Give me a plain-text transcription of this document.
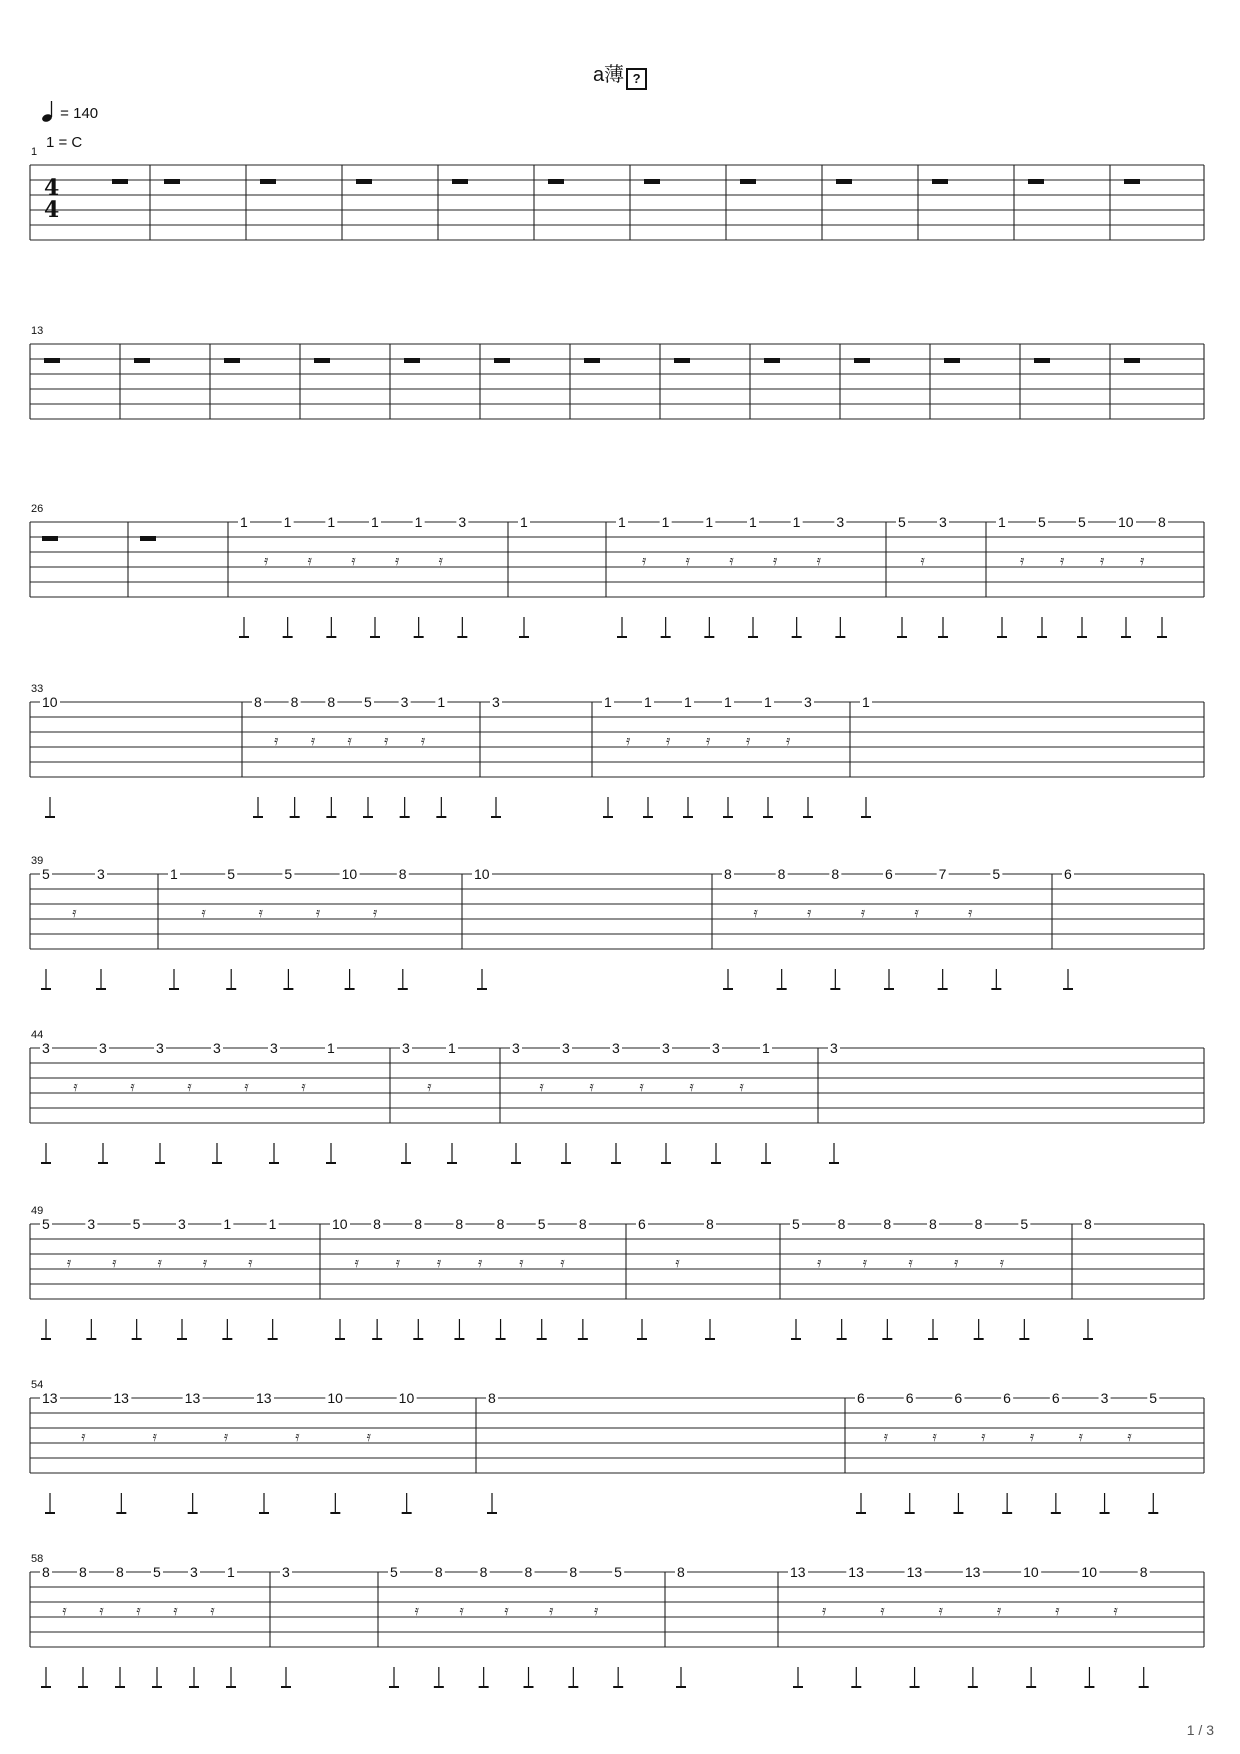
a薄 ?
= 140
1 = C
1
4
4
13
26
1
𝄿
1
𝄿
1
𝄿
1
𝄿
1
𝄿
3	1	1
𝄿
1
𝄿
1
𝄿
1
𝄿
1
𝄿
3	5
𝄿
3	1
𝄿
5
𝄿
5
𝄿
10
𝄿
8
33
10	8
𝄿
8
𝄿
8
𝄿
5
𝄿
3
𝄿
1	3	1
𝄿
1
𝄿
1
𝄿
1
𝄿
1
𝄿
3	1
39
5
𝄿
3	1
𝄿
5
𝄿
5
𝄿
10
𝄿
8	10	8
𝄿
8
𝄿
8
𝄿
6
𝄿
7
𝄿
5	6
44
3
𝄿
3
𝄿
3
𝄿
3
𝄿
3
𝄿
1	3
𝄿
1	3
𝄿
3
𝄿
3
𝄿
3
𝄿
3
𝄿
1	3
49
5
𝄿
3
𝄿
5
𝄿
3
𝄿
1
𝄿
1	10
𝄿
8
𝄿
8
𝄿
8
𝄿
8
𝄿
5
𝄿
8	6
𝄿
8	5
𝄿
8
𝄿
8
𝄿
8
𝄿
8
𝄿
5	8
54
13
𝄿
13
𝄿
13
𝄿
13
𝄿
10
𝄿
10	8	6
𝄿
6
𝄿
6
𝄿
6
𝄿
6
𝄿
3
𝄿
5
58
8
𝄿
8
𝄿
8
𝄿
5
𝄿
3
𝄿
1	3	5
𝄿
8
𝄿
8
𝄿
8
𝄿
8
𝄿
5	8	13
𝄿
13
𝄿
13
𝄿
13
𝄿
10
𝄿
10
𝄿
8
1 / 3
